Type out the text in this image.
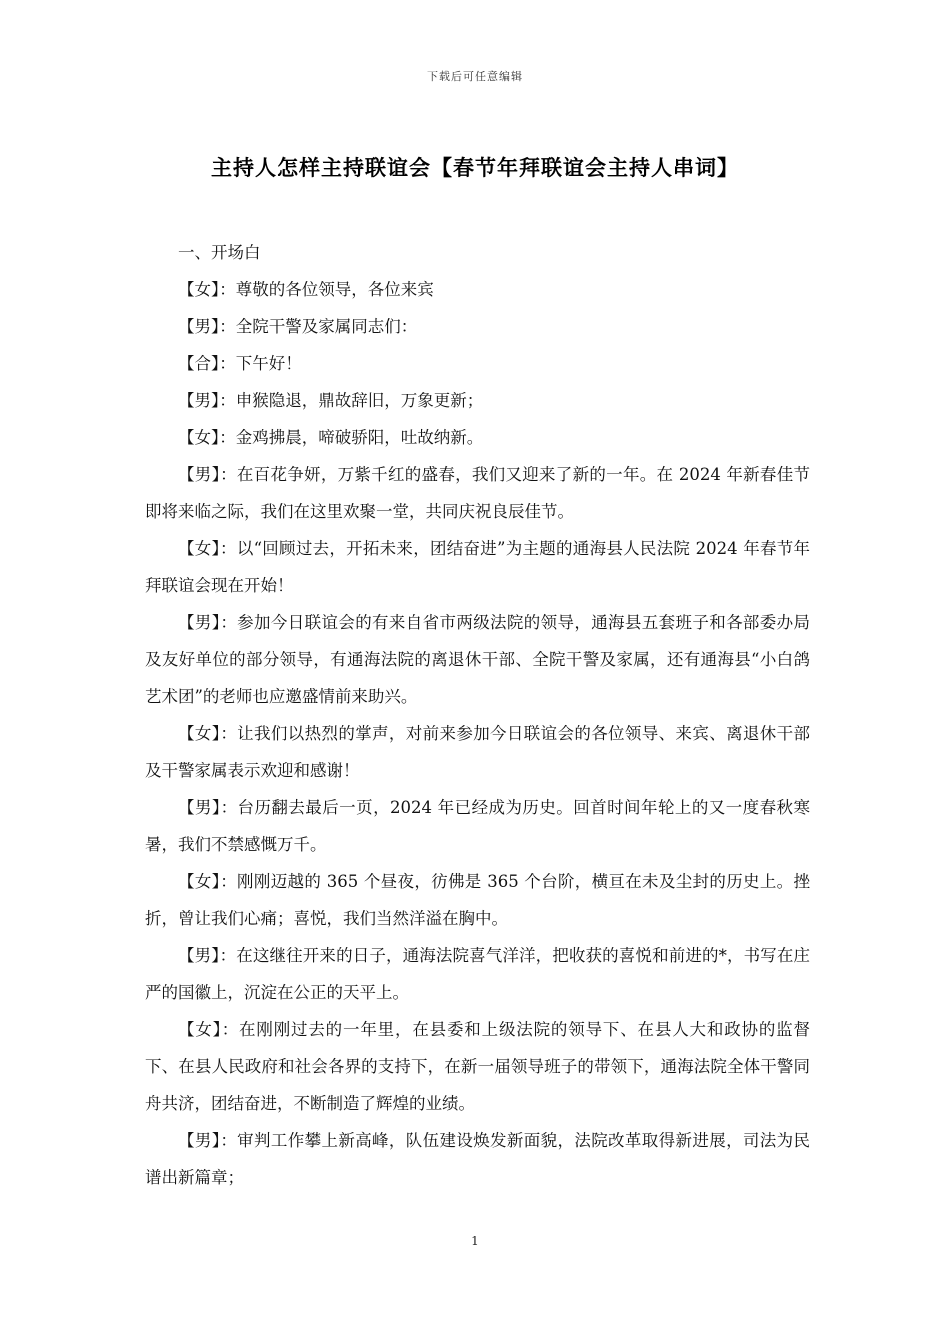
下载后可任意编辑
主持人怎样主持联谊会【春节年拜联谊会主持人串词】

一、开场白

【女】：尊敬的各位领导，各位来宾

【男】：全院干警及家属同志们：

【合】：下午好！

【男】：申猴隐退，鼎故辞旧，万象更新；

【女】：金鸡拂晨，啼破骄阳，吐故纳新。

【男】：在百花争妍，万紫千红的盛春，我们又迎来了新的一年。在 2024 年新春佳节即将来临之际，我们在这里欢聚一堂，共同庆祝良辰佳节。

【女】：以“回顾过去，开拓未来，团结奋进”为主题的通海县人民法院 2024 年春节年拜联谊会现在开始！

【男】：参加今日联谊会的有来自省市两级法院的领导，通海县五套班子和各部委办局及友好单位的部分领导，有通海法院的离退休干部、全院干警及家属，还有通海县“小白鸽艺术团”的老师也应邀盛情前来助兴。

【女】：让我们以热烈的掌声，对前来参加今日联谊会的各位领导、来宾、离退休干部及干警家属表示欢迎和感谢！

【男】：台历翻去最后一页，2024 年已经成为历史。回首时间年轮上的又一度春秋寒暑，我们不禁感慨万千。

【女】：刚刚迈越的 365 个昼夜，彷佛是 365 个台阶，横亘在未及尘封的历史上。挫折，曾让我们心痛；喜悦，我们当然洋溢在胸中。

【男】：在这继往开来的日子，通海法院喜气洋洋，把收获的喜悦和前进的*，书写在庄严的国徽上，沉淀在公正的天平上。

【女】：在刚刚过去的一年里，在县委和上级法院的领导下、在县人大和政协的监督下、在县人民政府和社会各界的支持下，在新一届领导班子的带领下，通海法院全体干警同舟共济，团结奋进，不断制造了辉煌的业绩。

【男】：审判工作攀上新高峰，队伍建设焕发新面貌，法院改革取得新进展，司法为民谱出新篇章；

1
